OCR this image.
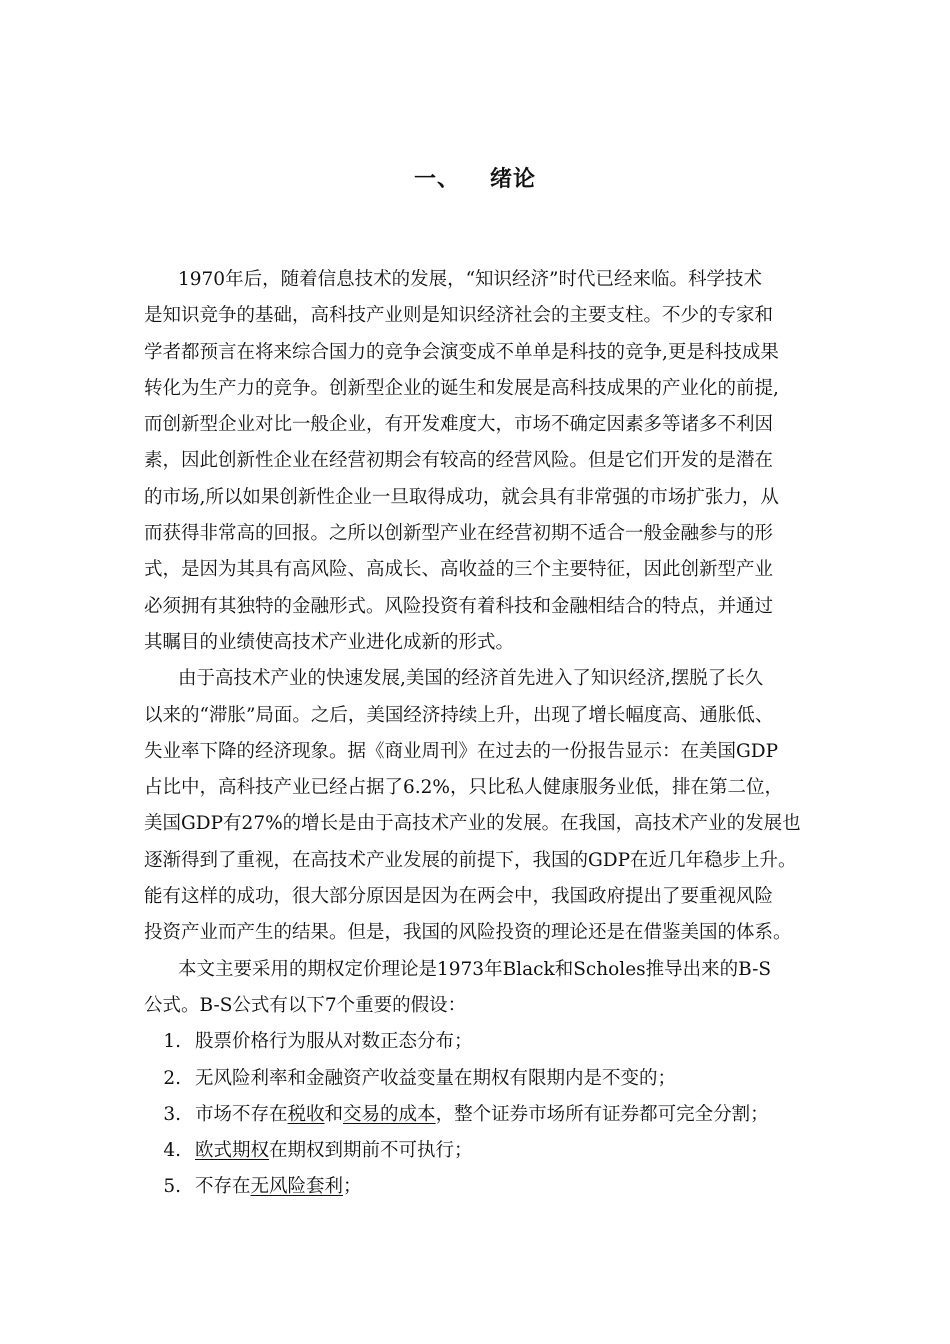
一、 绪论
1970年后，随着信息技术的发展，“知识经济”时代已经来临。科学技术
是知识竞争的基础，高科技产业则是知识经济社会的主要支柱。不少的专家和
学者都预言在将来综合国力的竞争会演变成不单单是科技的竞争,更是科技成果
转化为生产力的竞争。创新型企业的诞生和发展是高科技成果的产业化的前提,
而创新型企业对比一般企业，有开发难度大，市场不确定因素多等诸多不利因
素，因此创新性企业在经营初期会有较高的经营风险。但是它们开发的是潜在
的市场,所以如果创新性企业一旦取得成功，就会具有非常强的市场扩张力，从
而获得非常高的回报。之所以创新型产业在经营初期不适合一般金融参与的形
式，是因为其具有高风险、高成长、高收益的三个主要特征，因此创新型产业
必须拥有其独特的金融形式。风险投资有着科技和金融相结合的特点，并通过
其瞩目的业绩使高技术产业进化成新的形式。
由于高技术产业的快速发展,美国的经济首先进入了知识经济,摆脱了长久
以来的“滞胀”局面。之后，美国经济持续上升，出现了增长幅度高、通胀低、
失业率下降的经济现象。据《商业周刊》在过去的一份报告显示：在美国GDP
占比中，高科技产业已经占据了6.2%，只比私人健康服务业低，排在第二位，
美国GDP有27%的增长是由于高技术产业的发展。在我国，高技术产业的发展也
逐渐得到了重视，在高技术产业发展的前提下，我国的GDP在近几年稳步上升。
能有这样的成功，很大部分原因是因为在两会中，我国政府提出了要重视风险
投资产业而产生的结果。但是，我国的风险投资的理论还是在借鉴美国的体系。
本文主要采用的期权定价理论是1973年Black和Scholes推导出来的B-S
公式。B-S公式有以下7个重要的假设：
1. 股票价格行为服从对数正态分布；
2. 无风险利率和金融资产收益变量在期权有限期内是不变的；
3. 市场不存在税收和交易的成本，整个证券市场所有证券都可完全分割；
4. 欧式期权在期权到期前不可执行；
5. 不存在无风险套利；
